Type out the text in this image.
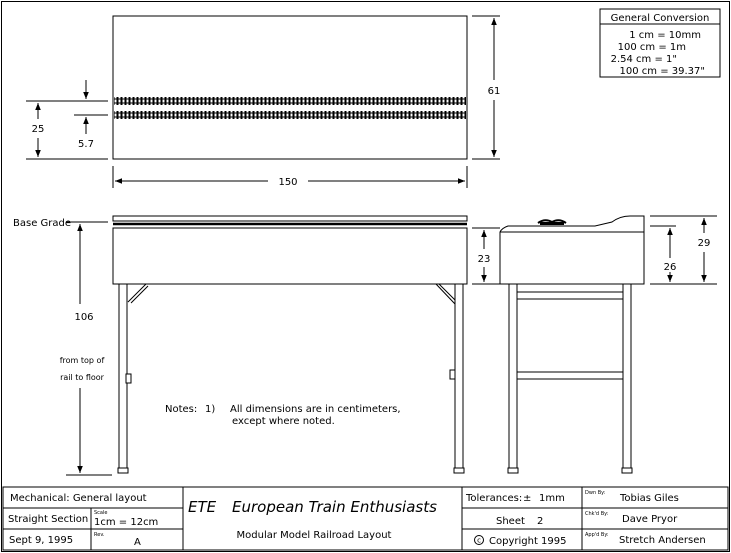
General Conversion
1 cm = 10mm
100 cm = 1m
2.54 cm = 1"
100 cm = 39.37"
150
61
25
5.7
Base Grade
23
106
from top of
rail to floor
Notes: 1) All dimensions are in centimeters,
except where noted.
29
26
Mechanical: General layout
Straight Section
Scale
1cm = 12cm
Sept 9, 1995	Rev.
A
ETE European Train Enthusiasts
Modular Model Railroad Layout
Tolerances: ± 1mm
Sheet 2
c Copyright 1995
Dwn By: Tobias Giles
Chk'd By: Dave Pryor
App'd By: Stretch Andersen
